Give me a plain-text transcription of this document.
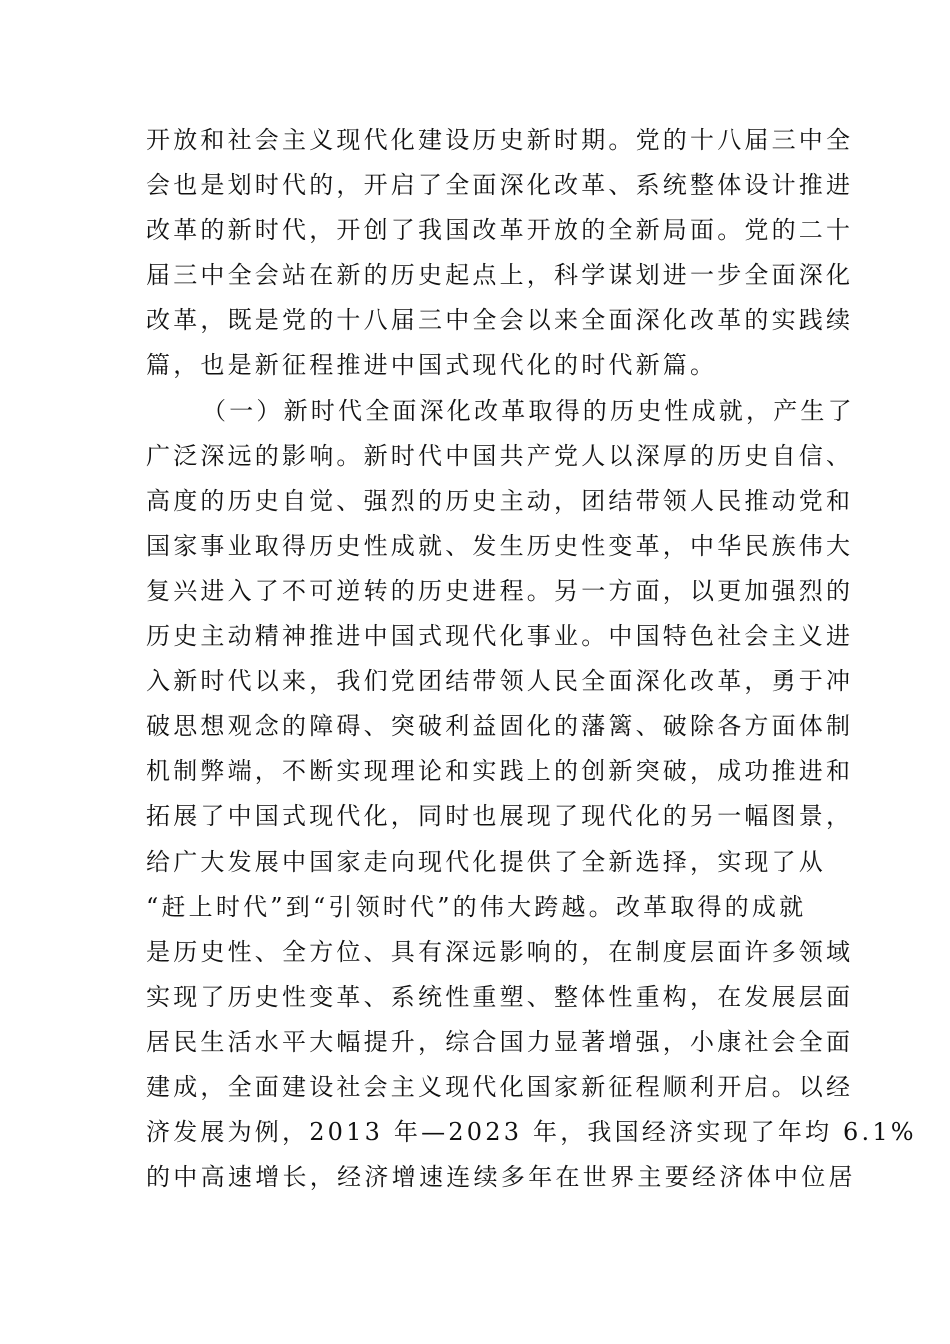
开放和社会主义现代化建设历史新时期。党的十八届三中全
会也是划时代的，开启了全面深化改革、系统整体设计推进
改革的新时代，开创了我国改革开放的全新局面。党的二十
届三中全会站在新的历史起点上，科学谋划进一步全面深化
改革，既是党的十八届三中全会以来全面深化改革的实践续
篇，也是新征程推进中国式现代化的时代新篇。
（一）新时代全面深化改革取得的历史性成就，产生了
广泛深远的影响。新时代中国共产党人以深厚的历史自信、
高度的历史自觉、强烈的历史主动，团结带领人民推动党和
国家事业取得历史性成就、发生历史性变革，中华民族伟大
复兴进入了不可逆转的历史进程。另一方面，以更加强烈的
历史主动精神推进中国式现代化事业。中国特色社会主义进
入新时代以来，我们党团结带领人民全面深化改革，勇于冲
破思想观念的障碍、突破利益固化的藩篱、破除各方面体制
机制弊端，不断实现理论和实践上的创新突破，成功推进和
拓展了中国式现代化，同时也展现了现代化的另一幅图景，
给广大发展中国家走向现代化提供了全新选择，实现了从
“赶上时代”到“引领时代”的伟大跨越。改革取得的成就
是历史性、全方位、具有深远影响的，在制度层面许多领域
实现了历史性变革、系统性重塑、整体性重构，在发展层面
居民生活水平大幅提升，综合国力显著增强，小康社会全面
建成，全面建设社会主义现代化国家新征程顺利开启。以经
济发展为例，2013 年—2023 年，我国经济实现了年均 6.1%
的中高速增长，经济增速连续多年在世界主要经济体中位居
